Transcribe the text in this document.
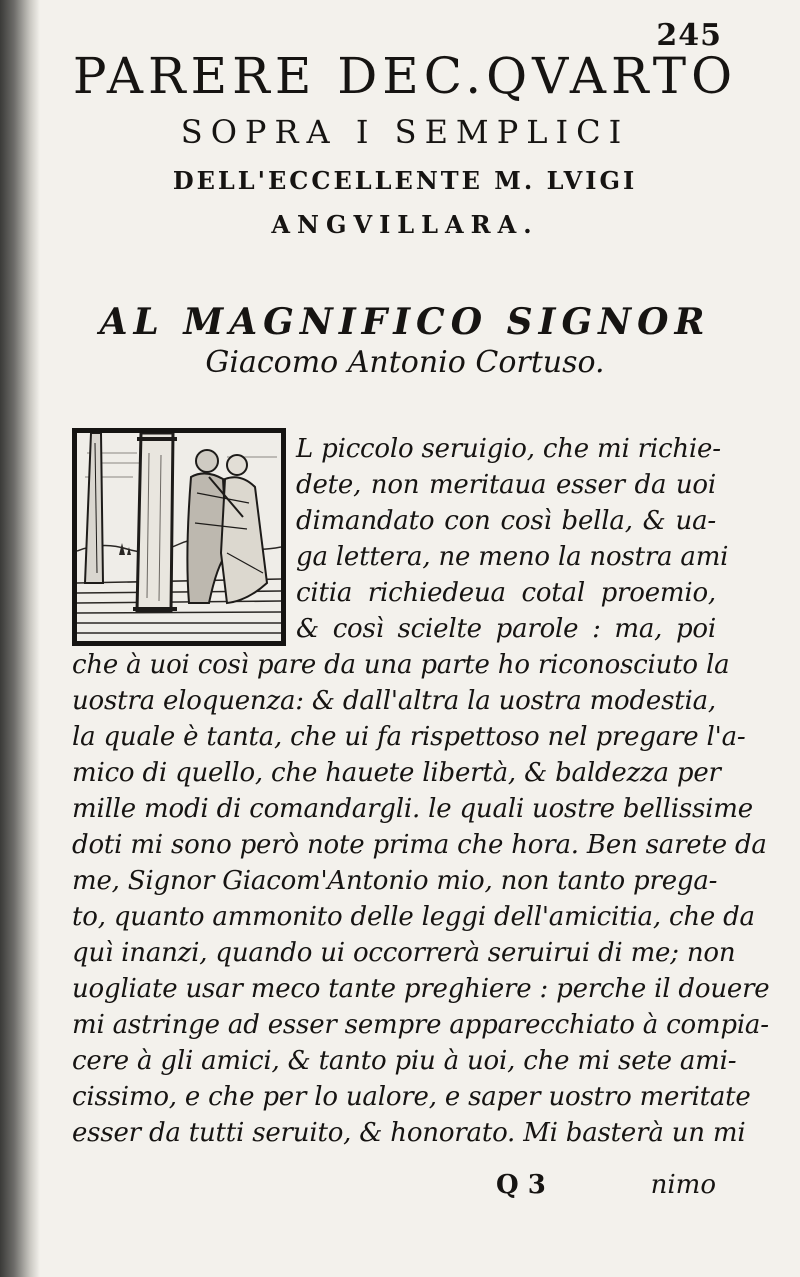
245
PARERE DEC.QVARTO
SOPRA I SEMPLICI
DELL'ECCELLENTE M. LVIGI
ANGVILLARA.
AL MAGNIFICO SIGNOR
Giacomo Antonio Cortuso.

L piccolo seruigio, che mi richie-

dete, non meritaua esser da uoi

dimandato con così bella, & ua-

ga lettera, ne meno la nostra ami

citia richiedeua cotal proemio,

& così scielte parole : ma, poi

che à uoi così pare da una parte ho riconosciuto la

uostra eloquenza: & dall'altra la uostra modestia,

la quale è tanta, che ui fa rispettoso nel pregare l'a-

mico di quello, che hauete libertà, & baldezza per

mille modi di comandargli. le quali uostre bellissime

doti mi sono però note prima che hora. Ben sarete da

me, Signor Giacom'Antonio mio, non tanto prega-

to, quanto ammonito delle leggi dell'amicitia, che da

quì inanzi, quando ui occorrerà seruirui di me; non

uogliate usar meco tante preghiere : perche il douere

mi astringe ad esser sempre apparecchiato à compia-

cere à gli amici, & tanto piu à uoi, che mi sete ami-

cissimo, e che per lo ualore, e saper uostro meritate

esser da tutti seruito, & honorato. Mi basterà un mi

Q 3	nimo
